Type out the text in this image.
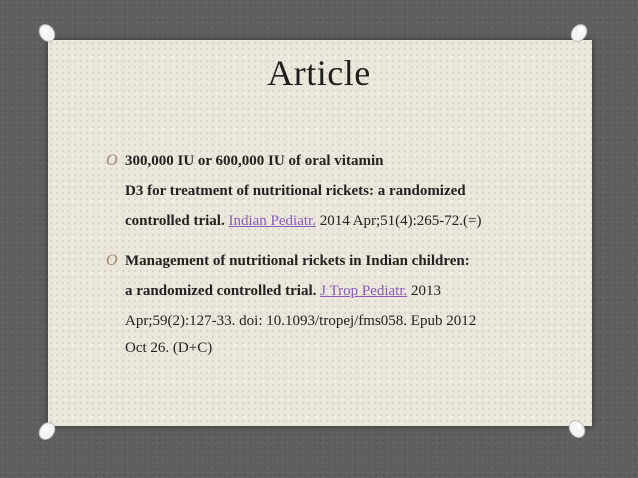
Article
O 300,000 IU or 600,000 IU of oral vitamin
D3 for treatment of nutritional rickets: a randomized
controlled trial. Indian Pediatr. 2014 Apr;51(4):265-72.(=)
O Management of nutritional rickets in Indian children:
a randomized controlled trial. J Trop Pediatr. 2013
Apr;59(2):127-33. doi: 10.1093/tropej/fms058. Epub 2012
Oct 26. (D+C)
